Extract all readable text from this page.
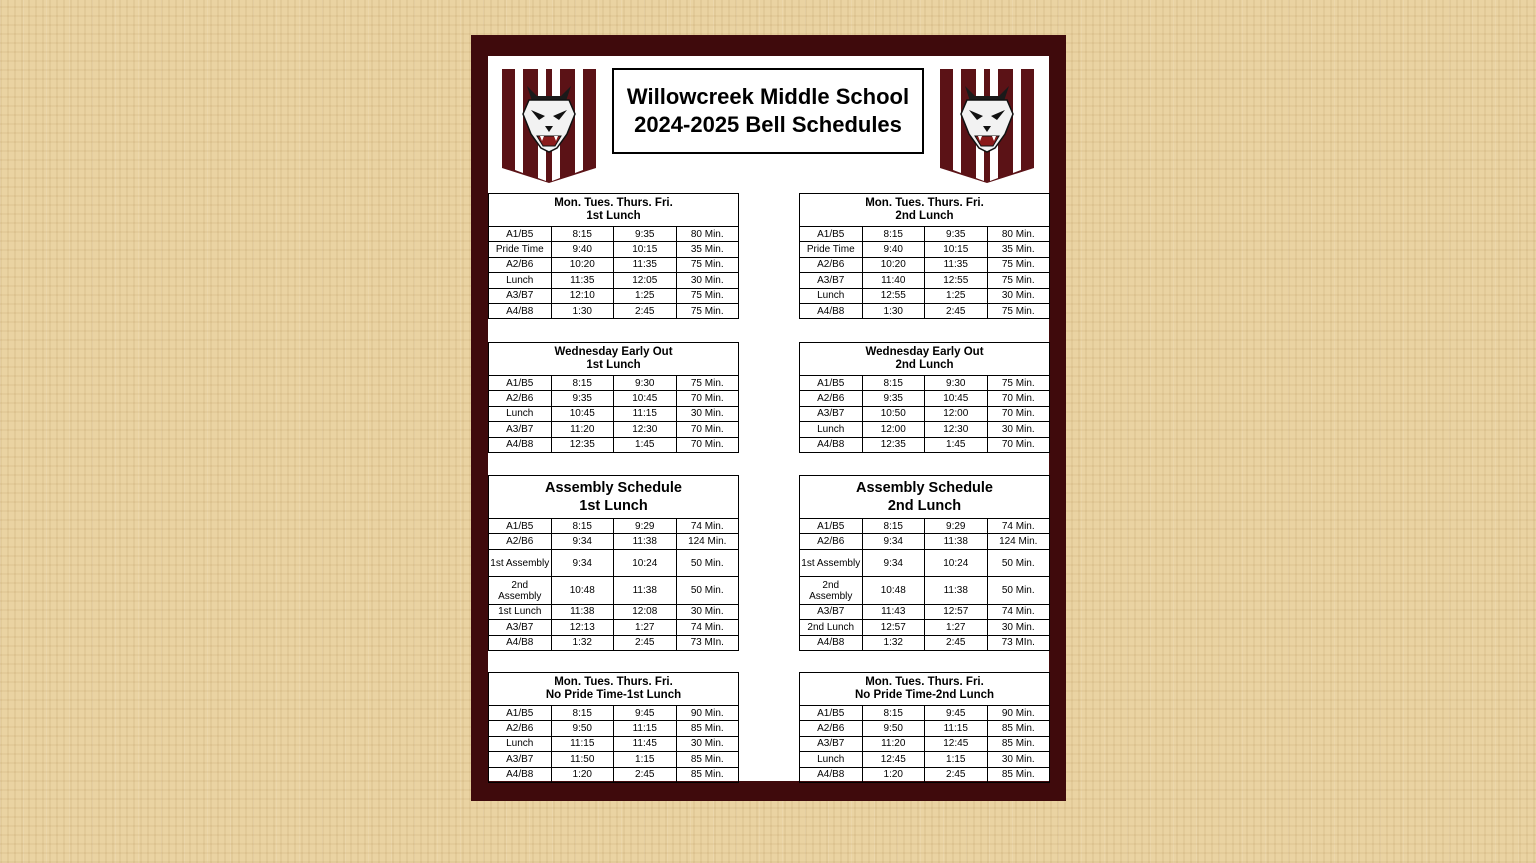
Willowcreek Middle School
2024-2025 Bell Schedules
Mon. Tues. Thurs. Fri.
1st Lunch			

A1/B5	8:15	9:35	80 Min.
Pride Time	9:40	10:15	35 Min.
A2/B6	10:20	11:35	75 Min.
Lunch	11:35	12:05	30 Min.
A3/B7	12:10	1:25	75 Min.
A4/B8	1:30	2:45	75 Min.
Mon. Tues. Thurs. Fri.
2nd Lunch			

A1/B5	8:15	9:35	80 Min.
Pride Time	9:40	10:15	35 Min.
A2/B6	10:20	11:35	75 Min.
A3/B7	11:40	12:55	75 Min.
Lunch	12:55	1:25	30 Min.
A4/B8	1:30	2:45	75 Min.
Wednesday Early Out
1st Lunch			

A1/B5	8:15	9:30	75 Min.
A2/B6	9:35	10:45	70 Min.
Lunch	10:45	11:15	30 Min.
A3/B7	11:20	12:30	70 Min.
A4/B8	12:35	1:45	70 Min.
Wednesday Early Out
2nd Lunch			

A1/B5	8:15	9:30	75 Min.
A2/B6	9:35	10:45	70 Min.
A3/B7	10:50	12:00	70 Min.
Lunch	12:00	12:30	30 Min.
A4/B8	12:35	1:45	70 Min.
Assembly Schedule
1st Lunch			

A1/B5	8:15	9:29	74 Min.
A2/B6	9:34	11:38	124 Min.
1st Assembly	9:34	10:24	50 Min.
2nd Assembly	10:48	11:38	50 Min.
1st Lunch	11:38	12:08	30 Min.
A3/B7	12:13	1:27	74 Min.
A4/B8	1:32	2:45	73 MIn.
Assembly Schedule
2nd Lunch			

A1/B5	8:15	9:29	74 Min.
A2/B6	9:34	11:38	124 Min.
1st Assembly	9:34	10:24	50 Min.
2nd Assembly	10:48	11:38	50 Min.
A3/B7	11:43	12:57	74 Min.
2nd Lunch	12:57	1:27	30 Min.
A4/B8	1:32	2:45	73 MIn.
Mon. Tues. Thurs. Fri.
No Pride Time-1st Lunch			

A1/B5	8:15	9:45	90 Min.
A2/B6	9:50	11:15	85 Min.
Lunch	11:15	11:45	30 Min.
A3/B7	11:50	1:15	85 Min.
A4/B8	1:20	2:45	85 Min.
Mon. Tues. Thurs. Fri.
No Pride Time-2nd Lunch			

A1/B5	8:15	9:45	90 Min.
A2/B6	9:50	11:15	85 Min.
A3/B7	11:20	12:45	85 Min.
Lunch	12:45	1:15	30 Min.
A4/B8	1:20	2:45	85 Min.
